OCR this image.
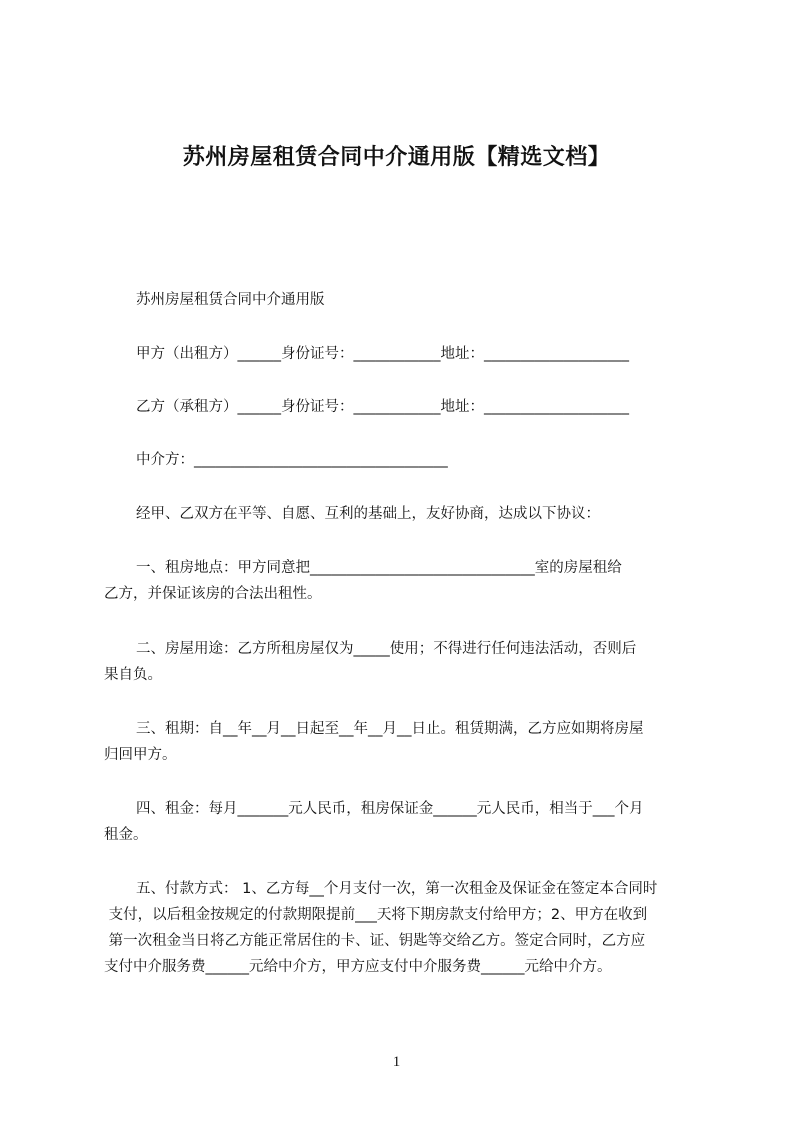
苏州房屋租赁合同中介通用版【精选文档】
苏州房屋租赁合同中介通用版
甲方（出租方）______身份证号：____________地址：____________________
乙方（承租方）______身份证号：____________地址：____________________
中介方：___________________________________
经甲、乙双方在平等、自愿、互利的基础上，友好协商，达成以下协议：
一、租房地点：甲方同意把_______________________________室的房屋租给
乙方，并保证该房的合法出租性。
二、房屋用途：乙方所租房屋仅为_____使用；不得进行任何违法活动，否则后
果自负。
三、租期：自__年__月__日起至__年__月__日止。租赁期满，乙方应如期将房屋
归回甲方。
四、租金：每月_______元人民币，租房保证金______元人民币，相当于___个月
租金。
五、付款方式： 1、乙方每__个月支付一次，第一次租金及保证金在签定本合同时
支付，以后租金按规定的付款期限提前___天将下期房款支付给甲方；2、甲方在收到
第一次租金当日将乙方能正常居住的卡、证、钥匙等交给乙方。签定合同时，乙方应
支付中介服务费______元给中介方，甲方应支付中介服务费______元给中介方。
1
